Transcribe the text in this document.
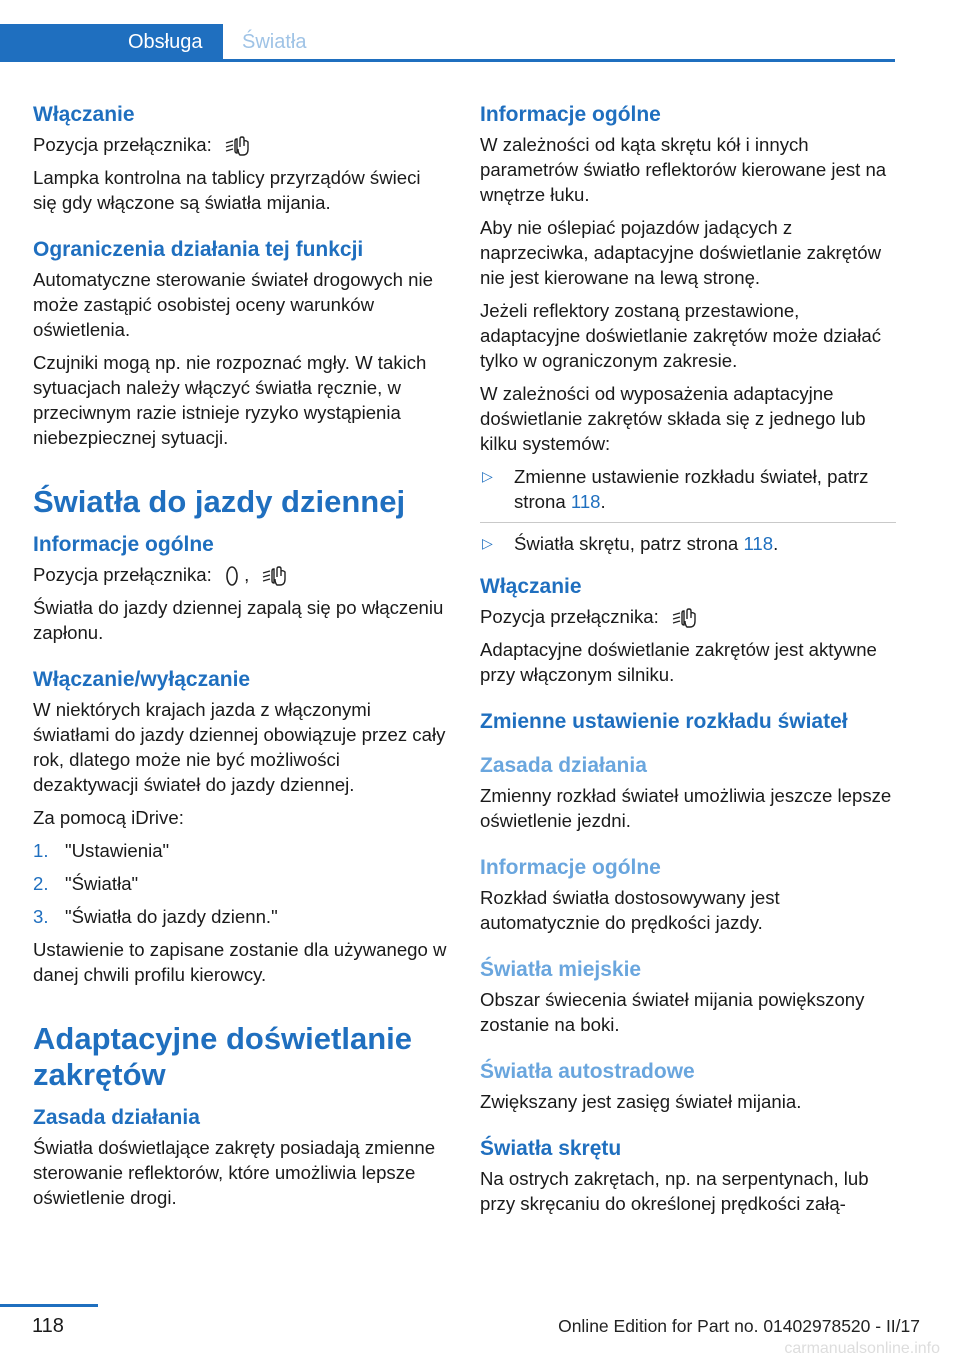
Obsługa	Światła
Włączanie

Pozycja przełącznika:

Lampka kontrolna na tablicy przyrządów świeci się gdy włączone są światła mijania.

Ograniczenia działania tej funkcji

Automatyczne sterowanie świateł drogowych nie może zastąpić osobistej oceny warunków oświetlenia.

Czujniki mogą np. nie rozpoznać mgły. W takich sytuacjach należy włączyć światła ręcznie, w przeciwnym razie istnieje ryzyko wystąpienia niebezpiecznej sytuacji.

Światła do jazdy dziennej
Informacje ogólne

Pozycja przełącznika: ,

Światła do jazdy dziennej zapalą się po włączeniu zapłonu.

Włączanie/wyłączanie

W niektórych krajach jazda z włączonymi światłami do jazdy dziennej obowiązuje przez cały rok, dlatego może nie być możliwości dezaktywacji świateł do jazdy dziennej.

Za pomocą iDrive:

1. "Ustawienia"
2. "Światła"
3. "Światła do jazdy dzienn."

Ustawienie to zapisane zostanie dla używanego w danej chwili profilu kierowcy.

Adaptacyjne doświetlanie zakrętów
Zasada działania

Światła doświetlające zakręty posiadają zmienne sterowanie reflektorów, które umożliwia lepsze oświetlenie drogi.

Informacje ogólne

W zależności od kąta skrętu kół i innych parametrów światło reflektorów kierowane jest na wnętrze łuku.

Aby nie oślepiać pojazdów jadących z naprzeciwka, adaptacyjne doświetlanie zakrętów nie jest kierowane na lewą stronę.

Jeżeli reflektory zostaną przestawione, adaptacyjne doświetlanie zakrętów może działać tylko w ograniczonym zakresie.

W zależności od wyposażenia adaptacyjne doświetlanie zakrętów składa się z jednego lub kilku systemów:

▷ Zmienne ustawienie rozkładu świateł, patrz strona 118.
▷ Światła skrętu, patrz strona 118.
Włączanie

Pozycja przełącznika:

Adaptacyjne doświetlanie zakrętów jest aktywne przy włączonym silniku.

Zmienne ustawienie rozkładu świateł
Zasada działania

Zmienny rozkład świateł umożliwia jeszcze lepsze oświetlenie jezdni.

Informacje ogólne

Rozkład światła dostosowywany jest automatycznie do prędkości jazdy.

Światła miejskie

Obszar świecenia świateł mijania powiększony zostanie na boki.

Światła autostradowe

Zwiększany jest zasięg świateł mijania.

Światła skrętu

Na ostrych zakrętach, np. na serpentynach, lub przy skręcaniu do określonej prędkości załą-

118	Online Edition for Part no. 01402978520 - II/17
carmanualsonline.info
